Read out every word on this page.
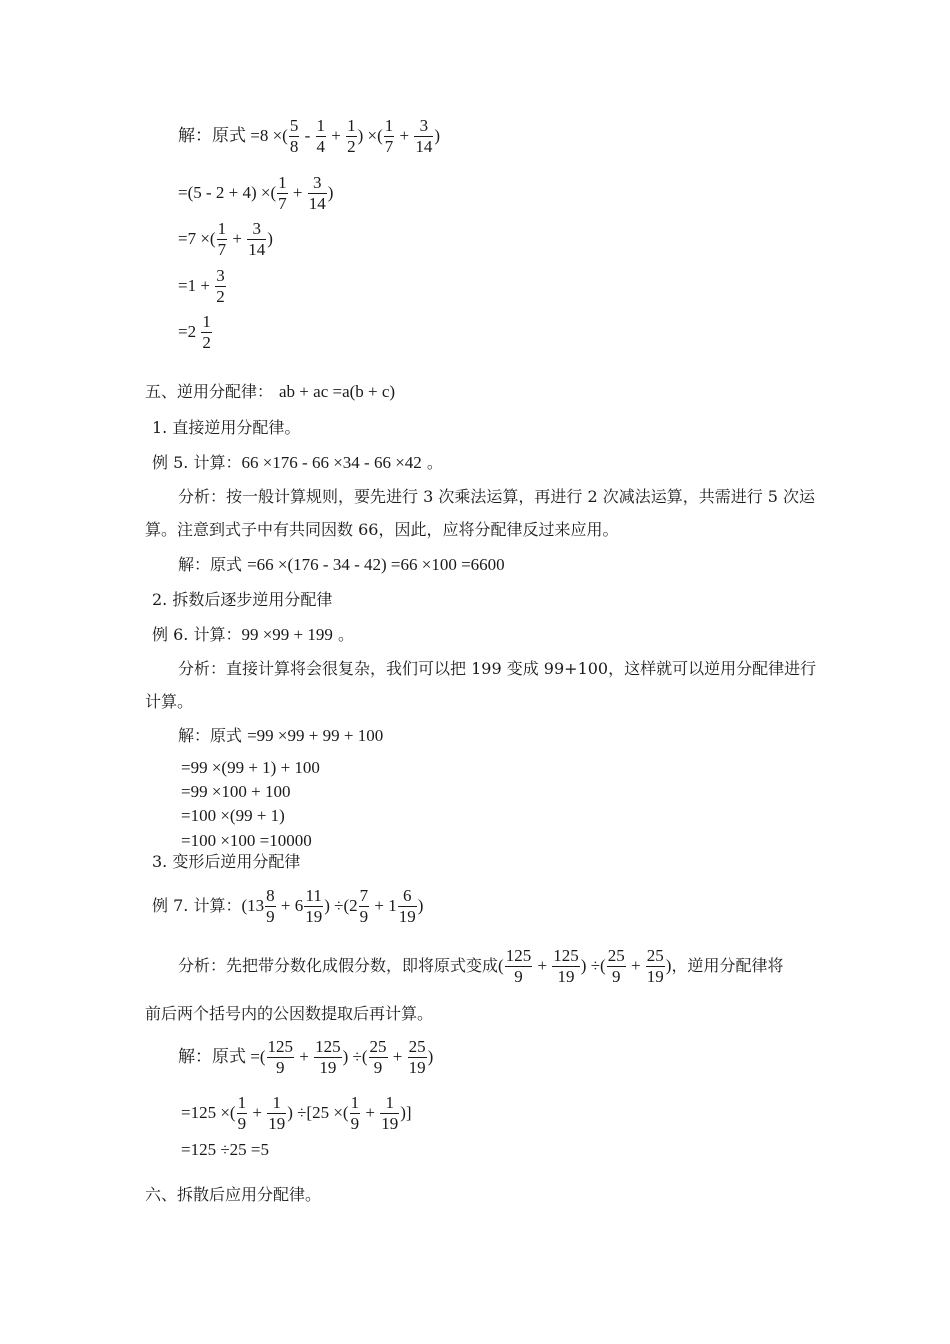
解：原式 =8 ×( $\frac{5}{8} - \frac{1}{4} + \frac{1}{2}$ ) ×( $\frac{1}{7} + \frac{3}{14}$ )
=(5 - 2 + 4) ×( $\frac{1}{7} + \frac{3}{14}$ )
=7 ×( $\frac{1}{7} + \frac{3}{14}$ )
$=1 + \frac{3}{2}$
$=2 \frac{1}{2}$
五、逆用分配律： ab + ac =a(b + c)
1. 直接逆用分配律。
例 5. 计算：66 ×176 - 66 ×34 - 66 ×42 。
分析：按一般计算规则，要先进行 3 次乘法运算，再进行 2 次减法运算，共需进行 5 次运
算。注意到式子中有共同因数 66，因此，应将分配律反过来应用。
解：原式 =66 ×(176 - 34 - 42) =66 ×100 =6600
2. 拆数后逐步逆用分配律
例 6. 计算：99 ×99 + 199 。
分析：直接计算将会很复杂，我们可以把 199 变成 99+100，这样就可以逆用分配律进行
计算。
解：原式 =99 ×99 + 99 + 100
=99 ×(99 + 1) + 100
=99 ×100 + 100
=100 ×(99 + 1)
=100 ×100 =10000
3. 变形后逆用分配律
例 7. 计算：($13 \frac{8}{9} + 6 \frac{11}{19}$ ) $\div(2 \frac{7}{9} + 1 \frac{6}{19}$ )
分析：先把带分数化成假分数，即将原式变成( $\frac{125}{9} + \frac{125}{19}$ ) ÷( $\frac{25}{9} + \frac{25}{19}$ )，逆用分配律将
前后两个括号内的公因数提取后再计算。
解：原式 =( $\frac{125}{9} + \frac{125}{19}$ ) ÷( $\frac{25}{9} + \frac{25}{19}$ )
=125 ×( $\frac{1}{9} + \frac{1}{19}$ ) ÷[25 ×( $\frac{1}{9} + \frac{1}{19}$ )]
=125 ÷25 =5
六、拆散后应用分配律。
